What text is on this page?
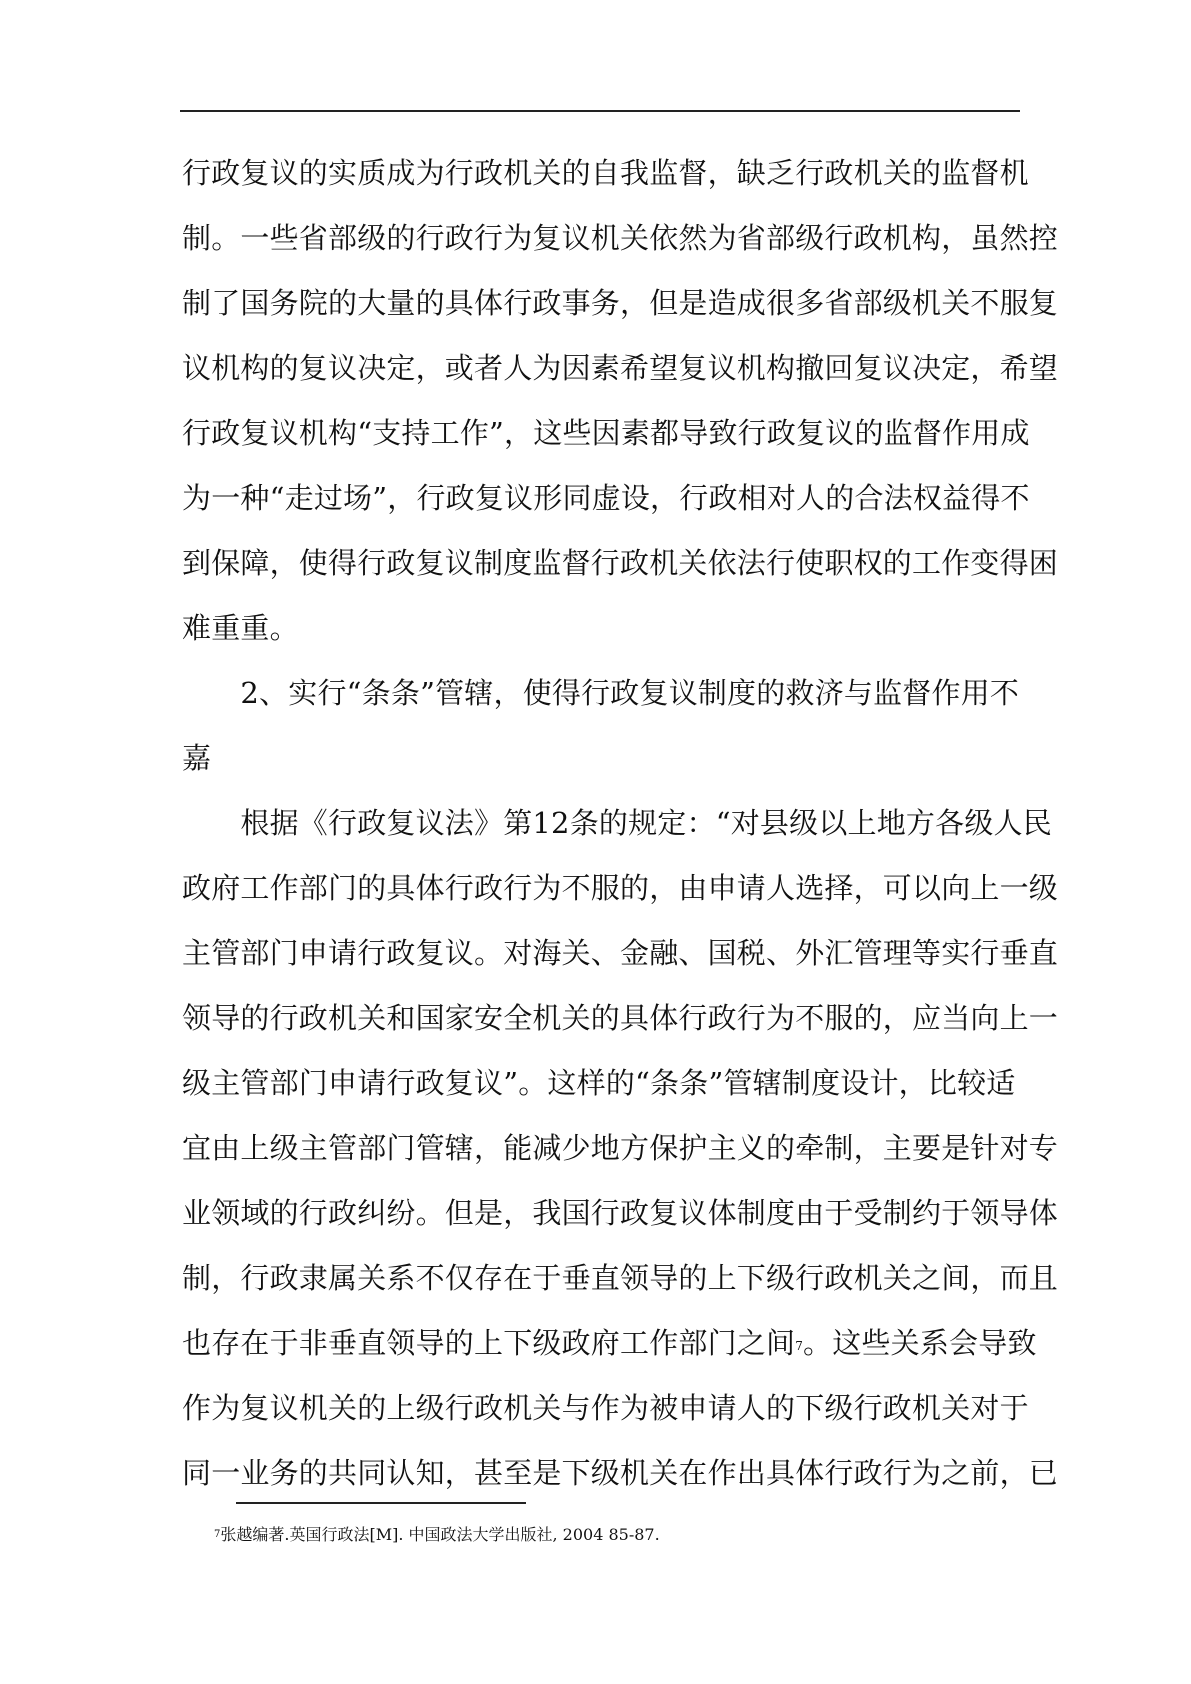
行政复议的实质成为行政机关的自我监督，缺乏行政机关的监督机
制。一些省部级的行政行为复议机关依然为省部级行政机构，虽然控
制了国务院的大量的具体行政事务，但是造成很多省部级机关不服复
议机构的复议决定，或者人为因素希望复议机构撤回复议决定，希望
行政复议机构“支持工作”，这些因素都导致行政复议的监督作用成
为一种“走过场”，行政复议形同虚设，行政相对人的合法权益得不
到保障，使得行政复议制度监督行政机关依法行使职权的工作变得困
难重重。
　　2、实行“条条”管辖，使得行政复议制度的救济与监督作用不
嘉
　　根据《行政复议法》第12条的规定：“对县级以上地方各级人民
政府工作部门的具体行政行为不服的，由申请人选择，可以向上一级
主管部门申请行政复议。对海关、金融、国税、外汇管理等实行垂直
领导的行政机关和国家安全机关的具体行政行为不服的，应当向上一
级主管部门申请行政复议”。这样的“条条”管辖制度设计，比较适
宜由上级主管部门管辖，能减少地方保护主义的牵制，主要是针对专
业领域的行政纠纷。但是，我国行政复议体制度由于受制约于领导体
制，行政隶属关系不仅存在于垂直领导的上下级行政机关之间，而且
也存在于非垂直领导的上下级政府工作部门之间7。这些关系会导致
作为复议机关的上级行政机关与作为被申请人的下级行政机关对于
同一业务的共同认知，甚至是下级机关在作出具体行政行为之前，已
7张越编著.英国行政法[M]. 中国政法大学出版社, 2004 85-87.
